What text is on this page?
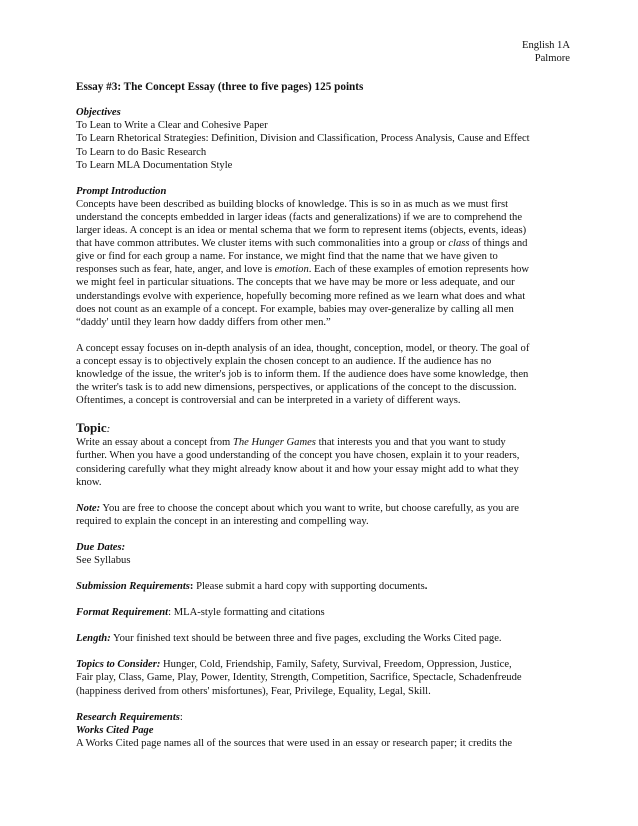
English 1A
Palmore
Essay #3: The Concept Essay (three to five pages) 125 points
Objectives
To Lean to Write a Clear and Cohesive Paper
To Learn Rhetorical Strategies: Definition, Division and Classification, Process Analysis, Cause and Effect
To Learn to do Basic Research
To Learn MLA Documentation Style
Prompt Introduction
Concepts have been described as building blocks of knowledge. This is so in as much as we must first
understand the concepts embedded in larger ideas (facts and generalizations) if we are to comprehend the
larger ideas. A concept is an idea or mental schema that we form to represent items (objects, events, ideas)
that have common attributes. We cluster items with such commonalities into a group or class of things and
give or find for each group a name. For instance, we might find that the name that we have given to
responses such as fear, hate, anger, and love is emotion. Each of these examples of emotion represents how
we might feel in particular situations. The concepts that we have may be more or less adequate, and our
understandings evolve with experience, hopefully becoming more refined as we learn what does and what
does not count as an example of a concept. For example, babies may over-generalize by calling all men
“daddy' until they learn how daddy differs from other men.”
A concept essay focuses on in-depth analysis of an idea, thought, conception, model, or theory. The goal of
a concept essay is to objectively explain the chosen concept to an audience. If the audience has no
knowledge of the issue, the writer's job is to inform them. If the audience does have some knowledge, then
the writer's task is to add new dimensions, perspectives, or applications of the concept to the discussion.
Oftentimes, a concept is controversial and can be interpreted in a variety of different ways.
Topic:
Write an essay about a concept from The Hunger Games that interests you and that you want to study
further. When you have a good understanding of the concept you have chosen, explain it to your readers,
considering carefully what they might already know about it and how your essay might add to what they
know.
Note: You are free to choose the concept about which you want to write, but choose carefully, as you are
required to explain the concept in an interesting and compelling way.
Due Dates:
See Syllabus
Submission Requirements: Please submit a hard copy with supporting documents.
Format Requirement: MLA-style formatting and citations
Length: Your finished text should be between three and five pages, excluding the Works Cited page.
Topics to Consider: Hunger, Cold, Friendship, Family, Safety, Survival, Freedom, Oppression, Justice,
Fair play, Class, Game, Play, Power, Identity, Strength, Competition, Sacrifice, Spectacle, Schadenfreude
(happiness derived from others' misfortunes), Fear, Privilege, Equality, Legal, Skill.
Research Requirements:
Works Cited Page
A Works Cited page names all of the sources that were used in an essay or research paper; it credits the
